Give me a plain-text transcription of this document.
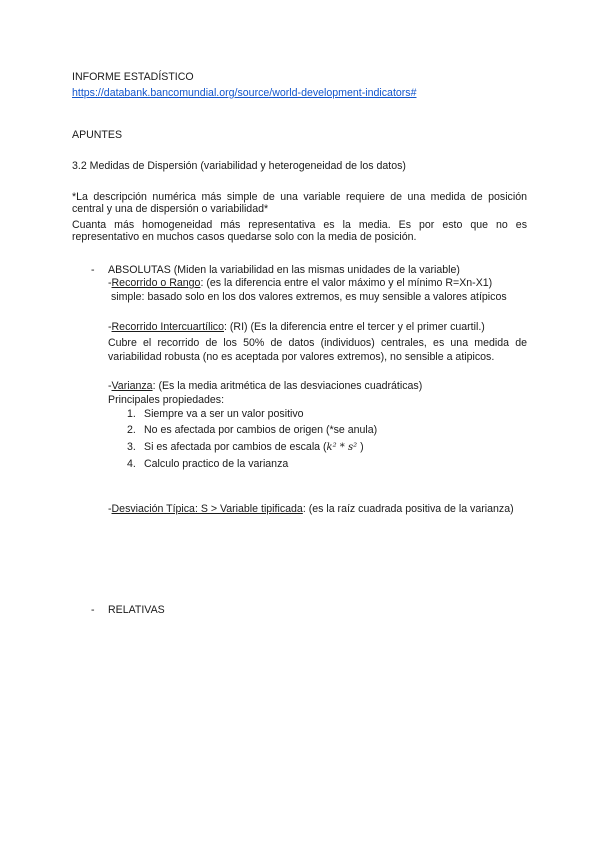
INFORME ESTADÍSTICO
https://databank.bancomundial.org/source/world-development-indicators#
APUNTES
3.2 Medidas de Dispersión (variabilidad y heterogeneidad de los datos)
*La descripción numérica más simple de una variable requiere de una medida de posición central y una de dispersión o variabilidad*
Cuanta más homogeneidad más representativa es la media. Es por esto que no es representativo en muchos casos quedarse solo con la media de posición.
- ABSOLUTAS (Miden la variabilidad en las mismas unidades de la variable)
-Recorrido o Rango: (es la diferencia entre el valor máximo y el mínimo R=Xn-X1)
simple: basado solo en los dos valores extremos, es muy sensible a valores atípicos
-Recorrido Intercuartílico: (RI) (Es la diferencia entre el tercer y el primer cuartil.)
Cubre el recorrido de los 50% de datos (individuos) centrales, es una medida de variabilidad robusta (no es aceptada por valores extremos), no sensible a atipicos.
-Varianza: (Es la media aritmética de las desviaciones cuadráticas)
Principales propiedades:
1. Siempre va a ser un valor positivo
2. No es afectada por cambios de origen (*se anula)
3. Si es afectada por cambios de escala (k² * s² )
4. Calculo practico de la varianza
-Desviación Típica: S > Variable tipificada: (es la raíz cuadrada positiva de la varianza)
- RELATIVAS
